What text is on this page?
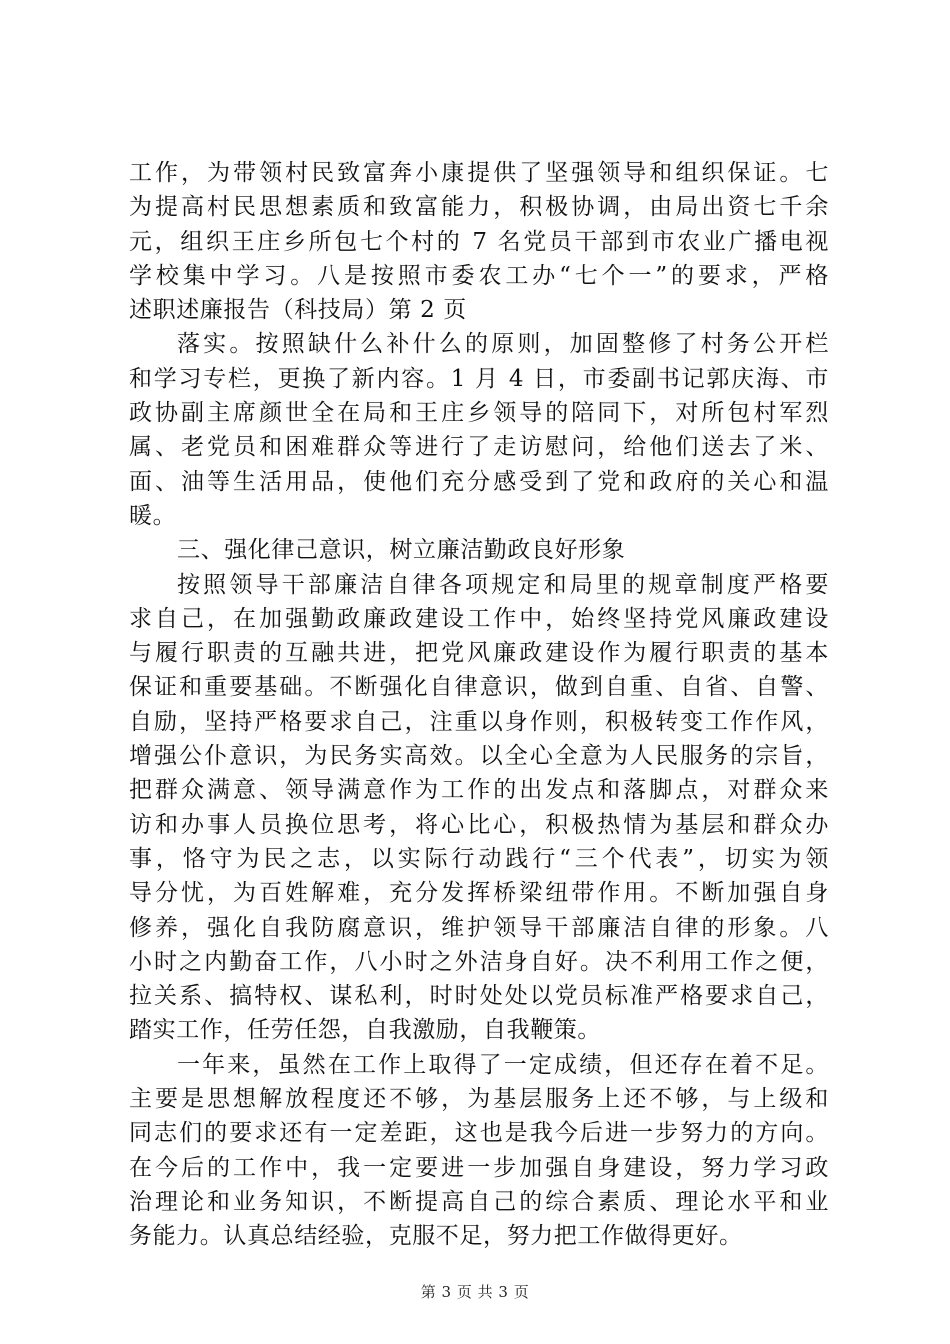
工作，为带领村民致富奔小康提供了坚强领导和组织保证。七
为提高村民思想素质和致富能力，积极协调，由局出资七千余
元，组织王庄乡所包七个村的 7 名党员干部到市农业广播电视
学校集中学习。八是按照市委农工办“七个一”的要求，严格
述职述廉报告（科技局）第 2 页
落实。按照缺什么补什么的原则，加固整修了村务公开栏
和学习专栏，更换了新内容。1 月 4 日，市委副书记郭庆海、市
政协副主席颜世全在局和王庄乡领导的陪同下，对所包村军烈
属、老党员和困难群众等进行了走访慰问，给他们送去了米、
面、油等生活用品，使他们充分感受到了党和政府的关心和温
暖。
三、强化律己意识，树立廉洁勤政良好形象
按照领导干部廉洁自律各项规定和局里的规章制度严格要
求自己，在加强勤政廉政建设工作中，始终坚持党风廉政建设
与履行职责的互融共进，把党风廉政建设作为履行职责的基本
保证和重要基础。不断强化自律意识，做到自重、自省、自警、
自励，坚持严格要求自己，注重以身作则，积极转变工作作风，
增强公仆意识，为民务实高效。以全心全意为人民服务的宗旨，
把群众满意、领导满意作为工作的出发点和落脚点，对群众来
访和办事人员换位思考，将心比心，积极热情为基层和群众办
事，恪守为民之志，以实际行动践行“三个代表”，切实为领
导分忧，为百姓解难，充分发挥桥梁纽带作用。不断加强自身
修养，强化自我防腐意识，维护领导干部廉洁自律的形象。八
小时之内勤奋工作，八小时之外洁身自好。决不利用工作之便，
拉关系、搞特权、谋私利，时时处处以党员标准严格要求自己，
踏实工作，任劳任怨，自我激励，自我鞭策。
一年来，虽然在工作上取得了一定成绩，但还存在着不足。
主要是思想解放程度还不够，为基层服务上还不够，与上级和
同志们的要求还有一定差距，这也是我今后进一步努力的方向。
在今后的工作中，我一定要进一步加强自身建设，努力学习政
治理论和业务知识，不断提高自己的综合素质、理论水平和业
务能力。认真总结经验，克服不足，努力把工作做得更好。
第 3 页 共 3 页
